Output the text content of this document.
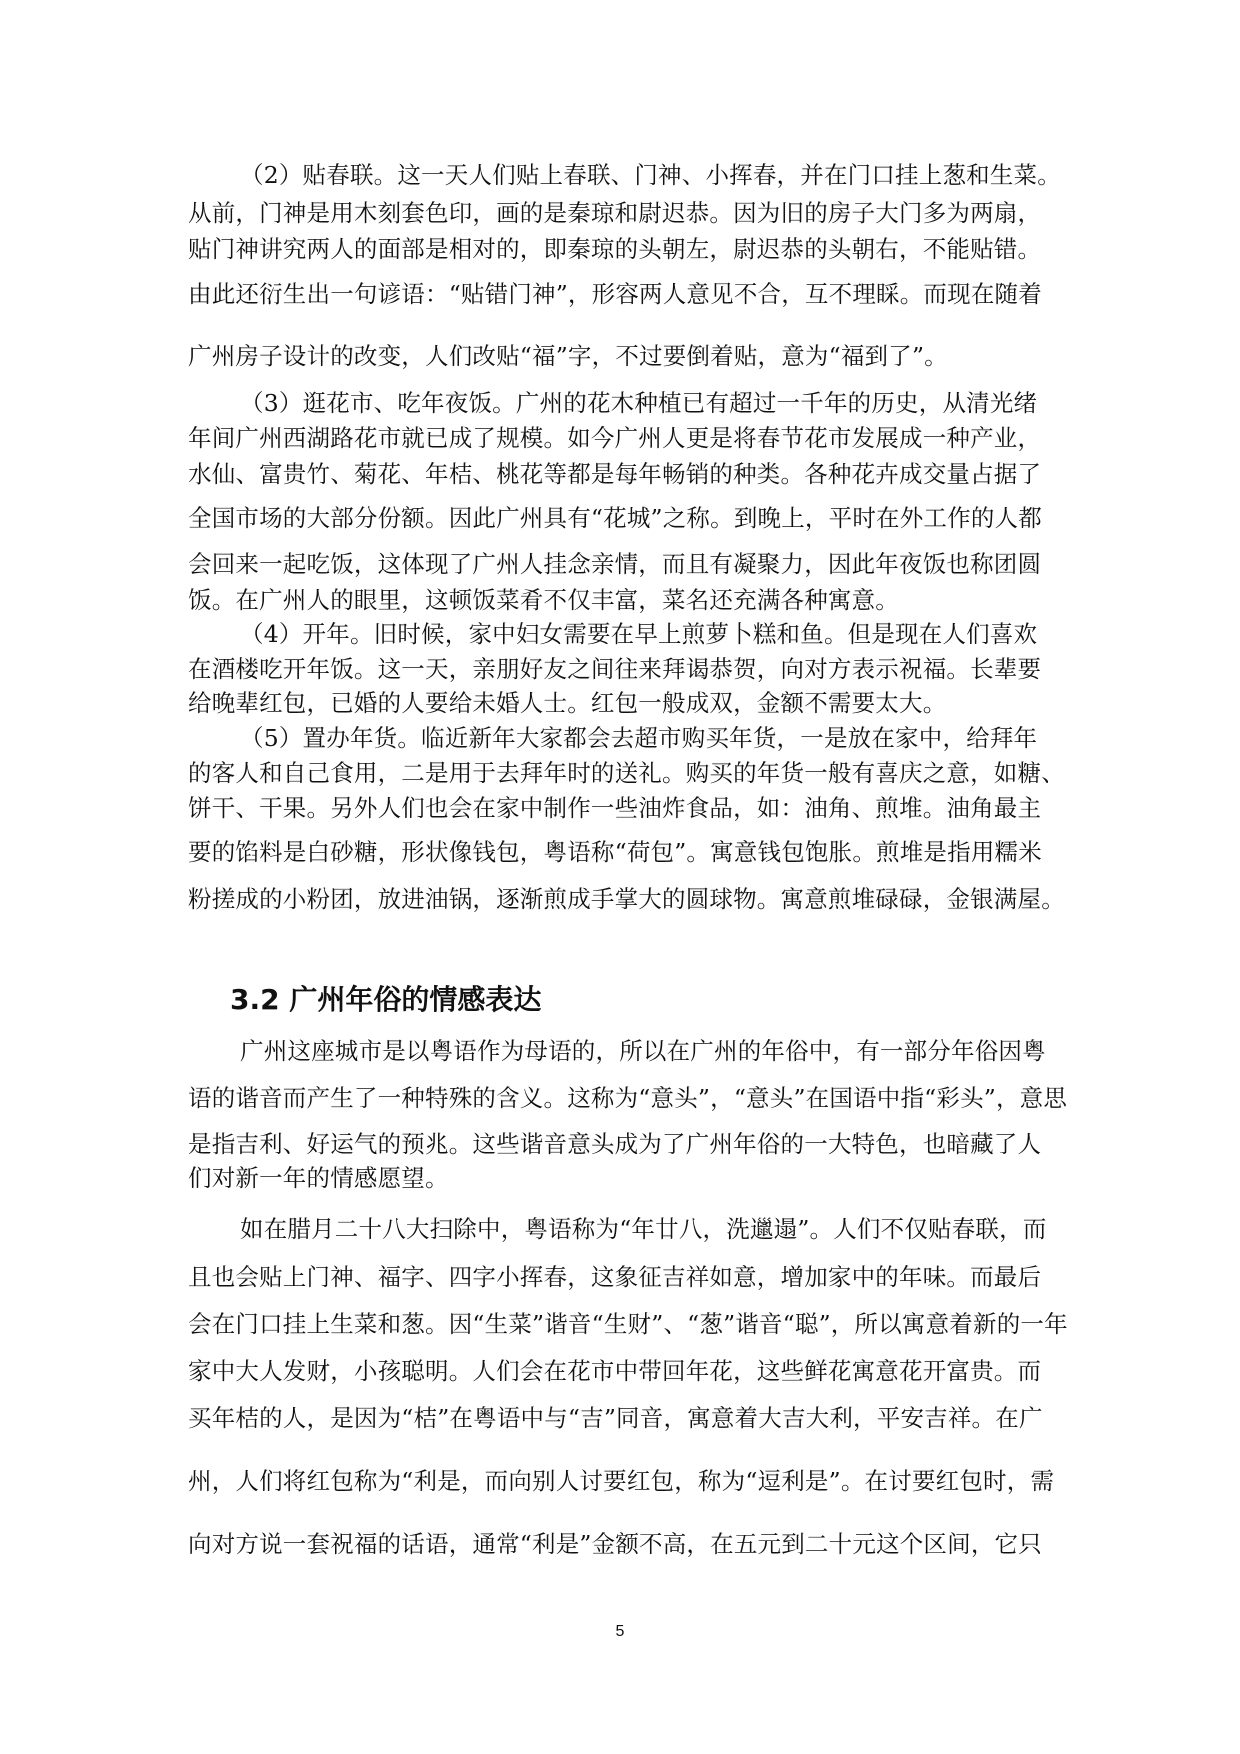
（2）贴春联。这一天人们贴上春联、门神、小挥春，并在门口挂上葱和生菜。
从前，门神是用木刻套色印，画的是秦琼和尉迟恭。因为旧的房子大门多为两扇，
贴门神讲究两人的面部是相对的，即秦琼的头朝左，尉迟恭的头朝右，不能贴错。
由此还衍生出一句谚语：“贴错门神”，形容两人意见不合，互不理睬。而现在随着
广州房子设计的改变，人们改贴“福”字，不过要倒着贴，意为“福到了”。
（3）逛花市、吃年夜饭。广州的花木种植已有超过一千年的历史，从清光绪
年间广州西湖路花市就已成了规模。如今广州人更是将春节花市发展成一种产业，
水仙、富贵竹、菊花、年桔、桃花等都是每年畅销的种类。各种花卉成交量占据了
全国市场的大部分份额。因此广州具有“花城”之称。到晚上，平时在外工作的人都
会回来一起吃饭，这体现了广州人挂念亲情，而且有凝聚力，因此年夜饭也称团圆
饭。在广州人的眼里，这顿饭菜肴不仅丰富，菜名还充满各种寓意。
（4）开年。旧时候，家中妇女需要在早上煎萝卜糕和鱼。但是现在人们喜欢
在酒楼吃开年饭。这一天，亲朋好友之间往来拜谒恭贺，向对方表示祝福。长辈要
给晚辈红包，已婚的人要给未婚人士。红包一般成双，金额不需要太大。
（5）置办年货。临近新年大家都会去超市购买年货，一是放在家中，给拜年
的客人和自己食用，二是用于去拜年时的送礼。购买的年货一般有喜庆之意，如糖、
饼干、干果。另外人们也会在家中制作一些油炸食品，如：油角、煎堆。油角最主
要的馅料是白砂糖，形状像钱包，粤语称“荷包”。寓意钱包饱胀。煎堆是指用糯米
粉搓成的小粉团，放进油锅，逐渐煎成手掌大的圆球物。寓意煎堆碌碌，金银满屋。
3.2 广州年俗的情感表达
广州这座城市是以粤语作为母语的，所以在广州的年俗中，有一部分年俗因粤
语的谐音而产生了一种特殊的含义。这称为“意头”，“意头”在国语中指“彩头”，意思
是指吉利、好运气的预兆。这些谐音意头成为了广州年俗的一大特色，也暗藏了人
们对新一年的情感愿望。
如在腊月二十八大扫除中，粤语称为“年廿八，洗邋遢”。人们不仅贴春联，而
且也会贴上门神、福字、四字小挥春，这象征吉祥如意，增加家中的年味。而最后
会在门口挂上生菜和葱。因“生菜”谐音“生财”、“葱”谐音“聪”，所以寓意着新的一年
家中大人发财，小孩聪明。人们会在花市中带回年花，这些鲜花寓意花开富贵。而
买年桔的人，是因为“桔”在粤语中与“吉”同音，寓意着大吉大利，平安吉祥。在广
州，人们将红包称为“利是，而向别人讨要红包，称为“逗利是”。在讨要红包时，需
向对方说一套祝福的话语，通常“利是”金额不高，在五元到二十元这个区间，它只
5
